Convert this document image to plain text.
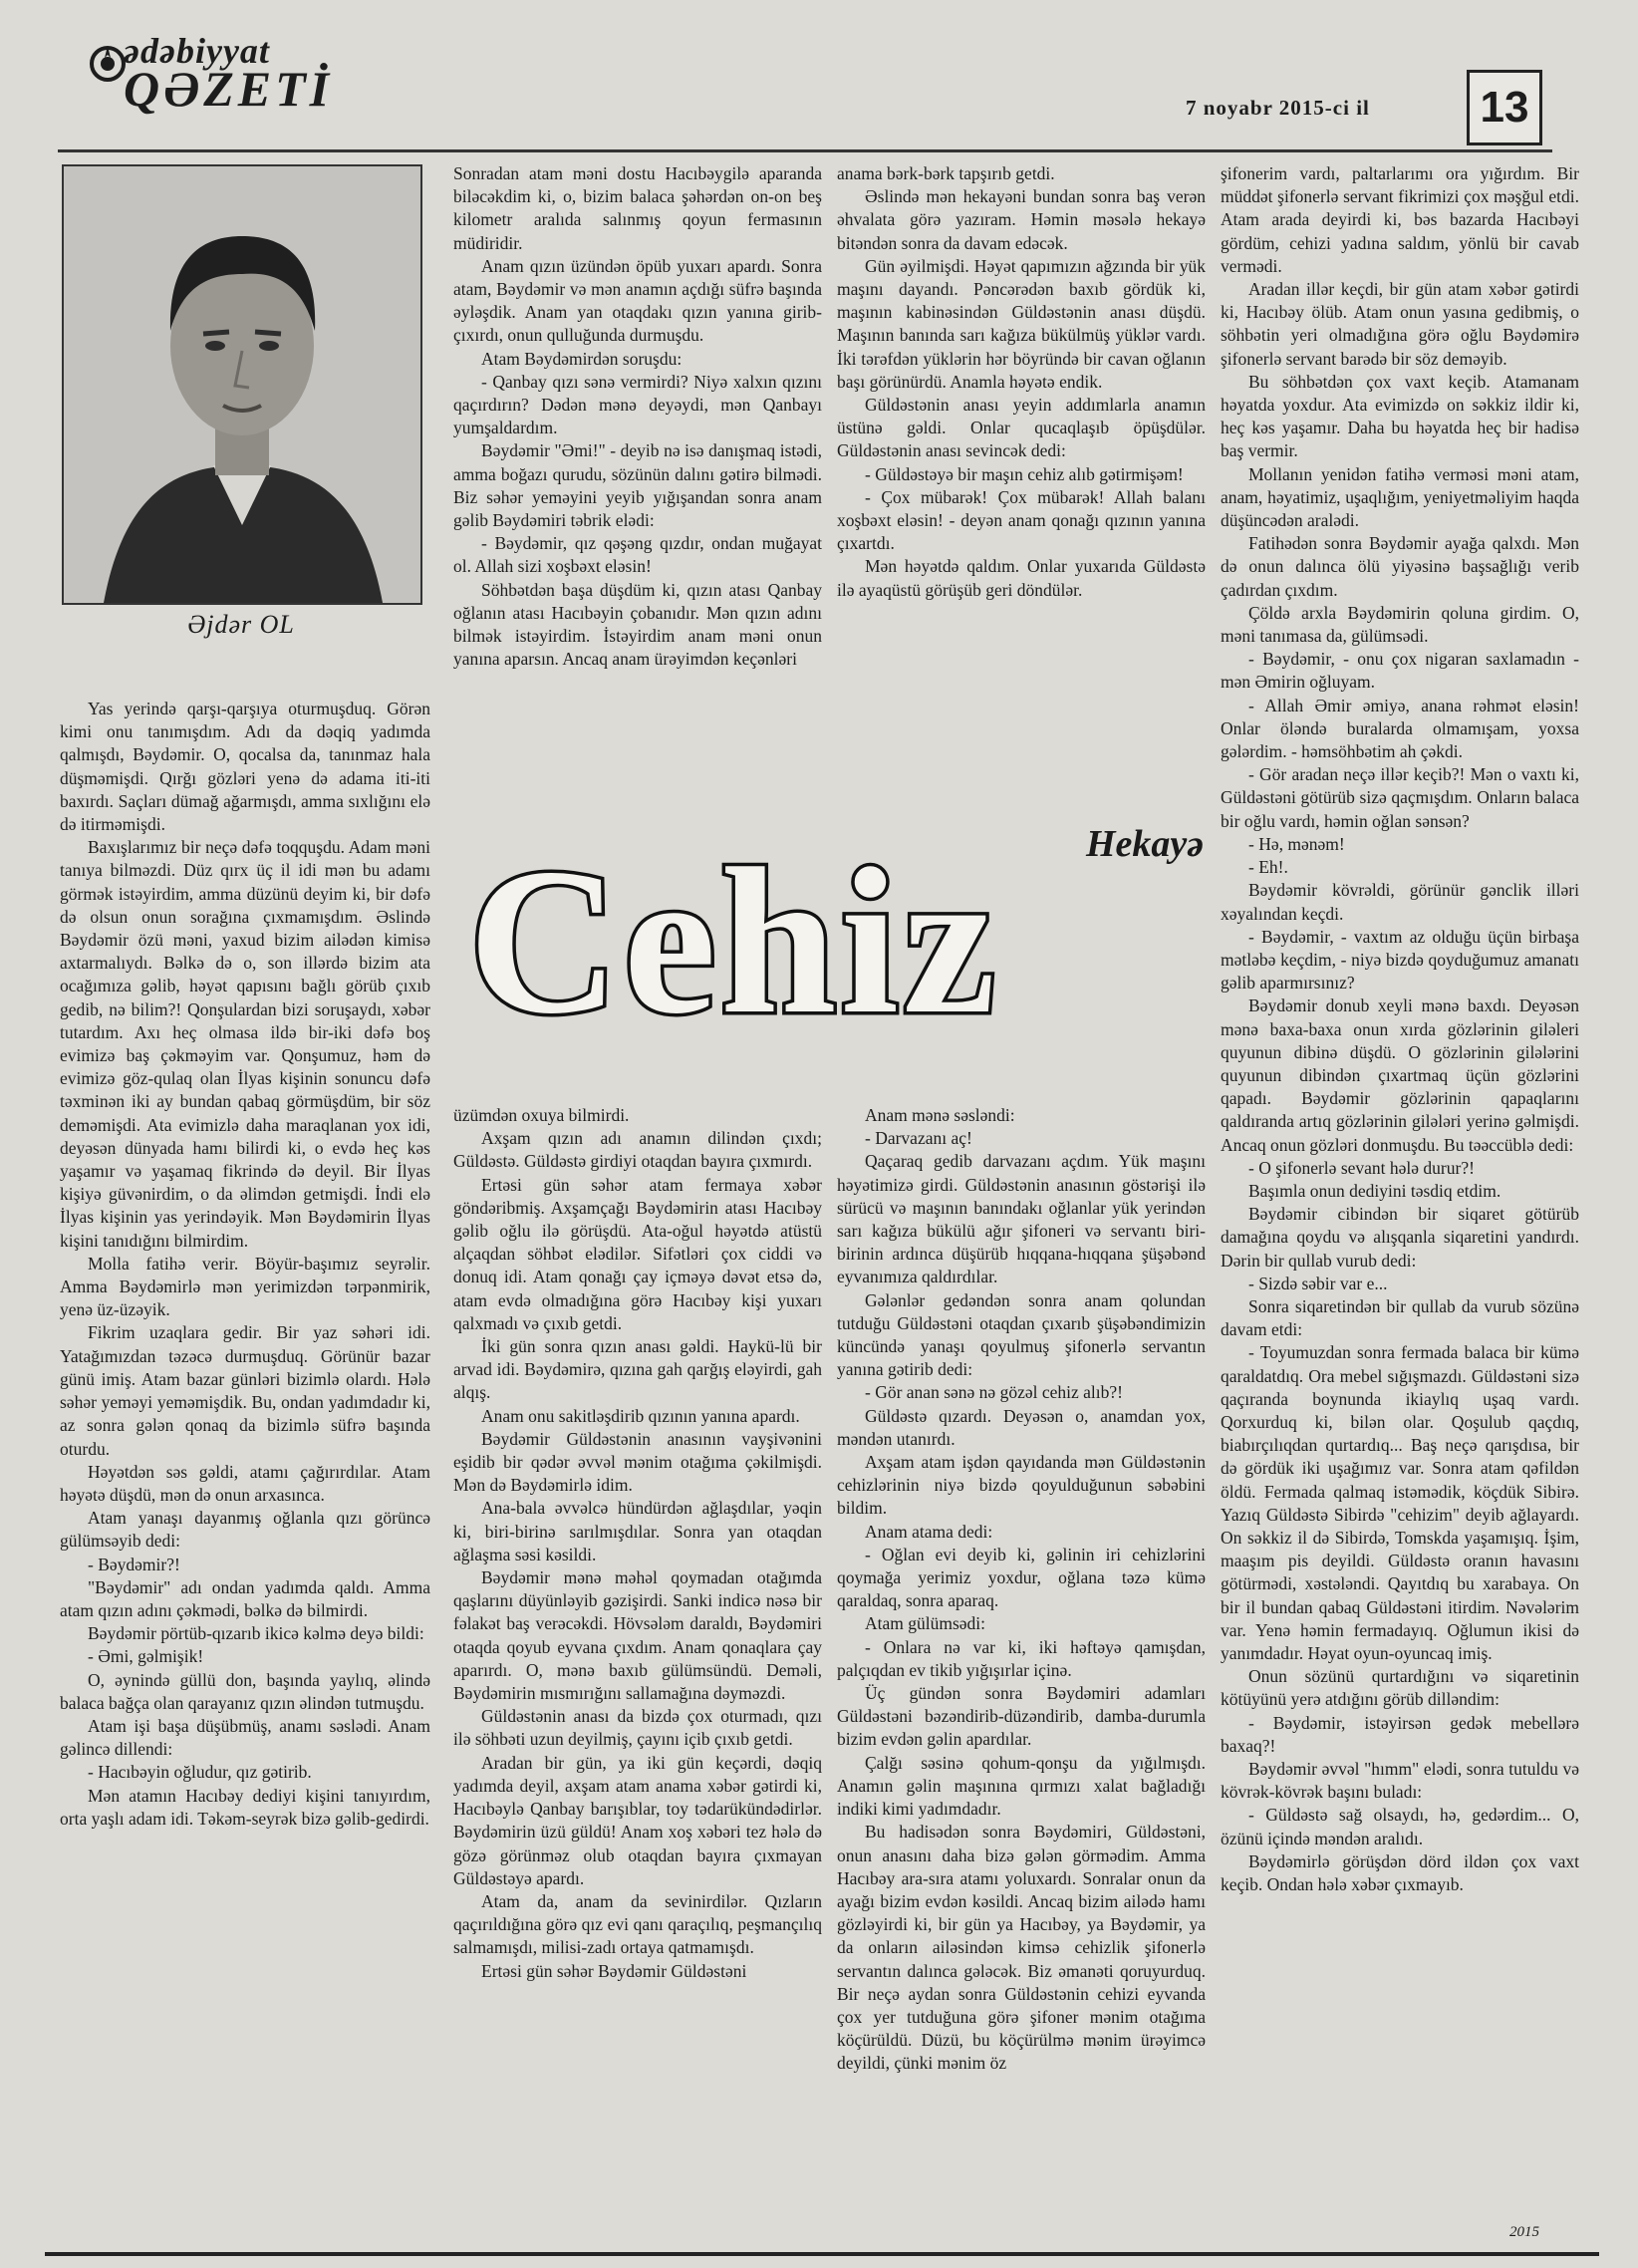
ədəbiyyat
QƏZETİ	7 noyabr 2015-ci il	13
Əjdər OL

Yas yerində qarşı-qarşıya oturmuşduq. Görən kimi onu tanımışdım. Adı da dəqiq yadımda qalmışdı, Bəydəmir. O, qocalsa da, tanınmaz hala düşməmişdi. Qırğı gözləri yenə də adama iti-iti baxırdı. Saçları dümağ ağarmışdı, amma sıxlığını elə də itirməmişdi.

Baxışlarımız bir neçə dəfə toqquşdu. Adam məni tanıya bilməzdi. Düz qırx üç il idi mən bu adamı görmək istəyirdim, amma düzünü deyim ki, bir dəfə də olsun onun sorağına çıxmamışdım. Əslində Bəydəmir özü məni, yaxud bizim ailədən kimisə axtarmalıydı. Bəlkə də o, son illərdə bizim ata ocağımıza gəlib, həyət qapısını bağlı görüb çıxıb gedib, nə bilim?! Qonşulardan bizi soruşaydı, xəbər tutardım. Axı heç olmasa ildə bir-iki dəfə boş evimizə baş çəkməyim var. Qonşumuz, həm də evimizə göz-qulaq olan İlyas kişinin sonuncu dəfə təxminən iki ay bundan qabaq görmüşdüm, bir söz deməmişdi. Ata evimizlə daha maraqlanan yox idi, deyəsən dünyada hamı bilirdi ki, o evdə heç kəs yaşamır və yaşamaq fikrində də deyil. Bir İlyas kişiyə güvənirdim, o da əlimdən getmişdi. İndi elə İlyas kişinin yas yerindəyik. Mən Bəydəmirin İlyas kişini tanıdığını bilmirdim.

Molla fatihə verir. Böyür-başımız seyrəlir. Amma Bəydəmirlə mən yerimizdən tərpənmirik, yenə üz-üzəyik.

Fikrim uzaqlara gedir. Bir yaz səhəri idi. Yatağımızdan təzəcə durmuşduq. Görünür bazar günü imiş. Atam bazar günləri bizimlə olardı. Hələ səhər yeməyi yeməmişdik. Bu, ondan yadımdadır ki, az sonra gələn qonaq da bizimlə süfrə başında oturdu.

Həyətdən səs gəldi, atamı çağırırdılar. Atam həyətə düşdü, mən də onun arxasınca.

Atam yanaşı dayanmış oğlanla qızı görüncə gülümsəyib dedi:

- Bəydəmir?!

"Bəydəmir" adı ondan yadımda qaldı. Amma atam qızın adını çəkmədi, bəlkə də bilmirdi.

Bəydəmir pörtüb-qızarıb ikicə kəlmə deyə bildi:

- Əmi, gəlmişik!

O, əynində güllü don, başında yaylıq, əlində balaca bağça olan qarayanız qızın əlindən tutmuşdu.

Atam işi başa düşübmüş, anamı səslədi. Anam gəlincə dillendi:

- Hacıbəyin oğludur, qız gətirib.

Mən atamın Hacıbəy dediyi kişini tanıyırdım, orta yaşlı adam idi. Təkəm-seyrək bizə gəlib-gedirdi.

Sonradan atam məni dostu Hacıbəygilə aparanda biləcəkdim ki, o, bizim balaca şəhərdən on-on beş kilometr aralıda salınmış qoyun fermasının müdiridir.

Anam qızın üzündən öpüb yuxarı apardı. Sonra atam, Bəydəmir və mən anamın açdığı süfrə başında əyləşdik. Anam yan otaqdakı qızın yanına girib-çıxırdı, onun qulluğunda durmuşdu.

Atam Bəydəmirdən soruşdu:

- Qanbay qızı sənə vermirdi? Niyə xalxın qızını qaçırdırın? Dədən mənə deyəydi, mən Qanbayı yumşaldardım.

Bəydəmir "Əmi!" - deyib nə isə danışmaq istədi, amma boğazı qurudu, sözünün dalını gətirə bilmədi. Biz səhər yeməyini yeyib yığışandan sonra anam gəlib Bəydəmiri təbrik elədi:

- Bəydəmir, qız qəşəng qızdır, ondan muğayat ol. Allah sizi xoşbəxt eləsin!

Söhbətdən başa düşdüm ki, qızın atası Qanbay oğlanın atası Hacıbəyin çobanıdır. Mən qızın adını bilmək istəyirdim. İstəyirdim anam məni onun yanına aparsın. Ancaq anam ürəyimdən keçənləri

anama bərk-bərk tapşırıb getdi.

Əslində mən hekayəni bundan sonra baş verən əhvalata görə yazıram. Həmin məsələ hekayə bitəndən sonra da davam edəcək.

Gün əyilmişdi. Həyət qapımızın ağzında bir yük maşını dayandı. Pəncərədən baxıb gördük ki, maşının kabinəsindən Güldəstənin anası düşdü. Maşının banında sarı kağıza bükülmüş yüklər vardı. İki tərəfdən yüklərin hər böyründə bir cavan oğlanın başı görünürdü. Anamla həyətə endik.

Güldəstənin anası yeyin addımlarla anamın üstünə gəldi. Onlar qucaqlaşıb öpüşdülər. Güldəstənin anası sevincək dedi:

- Güldəstəyə bir maşın cehiz alıb gətirmişəm!

- Çox mübarək! Çox mübarək! Allah balanı xoşbəxt eləsin! - deyən anam qonağı qızının yanına çıxartdı.

Mən həyətdə qaldım. Onlar yuxarıda Güldəstə ilə ayaqüstü görüşüb geri döndülər.

Cehiz Hekayə

şifonerim vardı, paltarlarımı ora yığırdım. Bir müddət şifonerlə servant fikrimizi çox məşğul etdi. Atam arada deyirdi ki, bəs bazarda Hacıbəyi gördüm, cehizi yadına saldım, yönlü bir cavab vermədi.

Aradan illər keçdi, bir gün atam xəbər gətirdi ki, Hacıbəy ölüb. Atam onun yasına gedibmiş, o söhbətin yeri olmadığına görə oğlu Bəydəmirə şifonerlə servant barədə bir söz deməyib.

Bu söhbətdən çox vaxt keçib. Atamanam həyatda yoxdur. Ata evimizdə on səkkiz ildir ki, heç kəs yaşamır. Daha bu həyatda heç bir hadisə baş vermir.

Mollanın yenidən fatihə verməsi məni atam, anam, həyatimiz, uşaqlığım, yeniyetməliyim haqda düşüncədən aralədi.

Fatihədən sonra Bəydəmir ayağa qalxdı. Mən də onun dalınca ölü yiyəsinə başsağlığı verib çadırdan çıxdım.

Çöldə arxla Bəydəmirin qoluna girdim. O, məni tanımasa da, gülümsədi.

- Bəydəmir, - onu çox nigaran saxlamadın - mən Əmirin oğluyam.

- Allah Əmir əmiyə, anana rəhmət eləsin! Onlar öləndə buralarda olmamışam, yoxsa gələrdim. - həmsöhbətim ah çəkdi.

- Gör aradan neçə illər keçib?! Mən o vaxtı ki, Güldəstəni götürüb sizə qaçmışdım. Onların balaca bir oğlu vardı, həmin oğlan sənsən?

- Hə, mənəm!

- Eh!.

Bəydəmir kövrəldi, görünür gənclik illəri xəyalından keçdi.

- Bəydəmir, - vaxtım az olduğu üçün birbaşa mətləbə keçdim, - niyə bizdə qoyduğumuz amanatı gəlib aparmırsınız?

Bəydəmir donub xeyli mənə baxdı. Deyəsən mənə baxa-baxa onun xırda gözlərinin giləleri quyunun dibinə düşdü. O gözlərinin gilələrini quyunun dibindən çıxartmaq üçün gözlərini qapadı. Bəydəmir gözlərinin qapaqlarını qaldıranda artıq gözlərinin gilələri yerinə gəlmişdi. Ancaq onun gözləri donmuşdu. Bu təəccüblə dedi:

- O şifonerlə sevant hələ durur?!

Başımla onun dediyini təsdiq etdim.

Bəydəmir cibindən bir siqaret götürüb damağına qoydu və alışqanla siqaretini yandırdı. Dərin bir qullab vurub dedi:

- Sizdə səbir var e...

Sonra siqaretindən bir qullab da vurub sözünə davam etdi:

- Toyumuzdan sonra fermada balaca bir kümə qaraldatdıq. Ora mebel sığışmazdı. Güldəstəni sizə qaçıranda boynunda ikiaylıq uşaq vardı. Qorxurduq ki, bilən olar. Qoşulub qaçdıq, biabırçılıqdan qurtardıq... Baş neçə qarışdısa, bir də gördük iki uşağımız var. Sonra atam qəfildən öldü. Fermada qalmaq istəmədik, köçdük Sibirə. Yazıq Güldəstə Sibirdə "cehizim" deyib ağlayardı. On səkkiz il də Sibirdə, Tomskda yaşamışıq. İşim, maaşım pis deyildi. Güldəstə oranın havasını götürmədi, xəstələndi. Qayıtdıq bu xarabaya. On bir il bundan qabaq Güldəstəni itirdim. Nəvələrim var. Yenə həmin fermadayıq. Oğlumun ikisi də yanımdadır. Həyat oyun-oyuncaq imiş.

Onun sözünü qurtardığını və siqaretinin kötüyünü yerə atdığını görüb dilləndim:

- Bəydəmir, istəyirsən gedək mebellərə baxaq?!

Bəydəmir əvvəl "hımm" elədi, sonra tutuldu və kövrək-kövrək başını buladı:

- Güldəstə sağ olsaydı, hə, gedərdim... O, özünü içində məndən aralıdı.

Bəydəmirlə görüşdən dörd ildən çox vaxt keçib. Ondan hələ xəbər çıxmayıb.

üzümdən oxuya bilmirdi.

Axşam qızın adı anamın dilindən çıxdı; Güldəstə. Güldəstə girdiyi otaqdan bayıra çıxmırdı.

Ertəsi gün səhər atam fermaya xəbər göndəribmiş. Axşamçağı Bəydəmirin atası Hacıbəy gəlib oğlu ilə görüşdü. Ata-oğul həyətdə atüstü alçaqdan söhbət elədilər. Sifətləri çox ciddi və donuq idi. Atam qonağı çay içməyə dəvət etsə də, atam evdə olmadığına görə Hacıbəy kişi yuxarı qalxmadı və çıxıb getdi.

İki gün sonra qızın anası gəldi. Haykü-lü bir arvad idi. Bəydəmirə, qızına gah qarğış eləyirdi, gah alqış.

Anam onu sakitləşdirib qızının yanına apardı.

Bəydəmir Güldəstənin anasının vayşivənini eşidib bir qədər əvvəl mənim otağıma çəkilmişdi. Mən də Bəydəmirlə idim.

Ana-bala əvvəlcə hündürdən ağlaşdılar, yəqin ki, biri-birinə sarılmışdılar. Sonra yan otaqdan ağlaşma səsi kəsildi.

Bəydəmir mənə məhəl qoymadan otağımda qaşlarını düyünləyib gəzişirdi. Sanki indicə nəsə bir fəlakət baş verəcəkdi. Hövsələm daraldı, Bəydəmiri otaqda qoyub eyvana çıxdım. Anam qonaqlara çay aparırdı. O, mənə baxıb gülümsündü. Deməli, Bəydəmirin mısmırığını sallamağına dəyməzdi.

Güldəstənin anası da bizdə çox oturmadı, qızı ilə söhbəti uzun deyilmiş, çayını içib çıxıb getdi.

Aradan bir gün, ya iki gün keçərdi, dəqiq yadımda deyil, axşam atam anama xəbər gətirdi ki, Hacıbəylə Qanbay barışıblar, toy tədarükündədirlər. Bəydəmirin üzü güldü! Anam xoş xəbəri tez hələ də gözə görünməz olub otaqdan bayıra çıxmayan Güldəstəyə apardı.

Atam da, anam da sevinirdilər. Qızların qaçırıldığına görə qız evi qanı qaraçılıq, peşmançılıq salmamışdı, milisi-zadı ortaya qatmamışdı.

Ertəsi gün səhər Bəydəmir Güldəstəni

Anam mənə səsləndi:

- Darvazanı aç!

Qaçaraq gedib darvazanı açdım. Yük maşını həyətimizə girdi. Güldəstənin anasının göstərişi ilə sürücü və maşının banındakı oğlanlar yük yerindən sarı kağıza bükülü ağır şifoneri və servantı biri-birinin ardınca düşürüb hıqqana-hıqqana şüşəbənd eyvanımıza qaldırdılar.

Gələnlər gedəndən sonra anam qolundan tutduğu Güldəstəni otaqdan çıxarıb şüşəbəndimizin küncündə yanaşı qoyulmuş şifonerlə servantın yanına gətirib dedi:

- Gör anan sənə nə gözəl cehiz alıb?!

Güldəstə qızardı. Deyəsən o, anamdan yox, məndən utanırdı.

Axşam atam işdən qayıdanda mən Güldəstənin cehizlərinin niyə bizdə qoyulduğunun səbəbini bildim.

Anam atama dedi:

- Oğlan evi deyib ki, gəlinin iri cehizlərini qoymağa yerimiz yoxdur, oğlana təzə kümə qaraldaq, sonra aparaq.

Atam gülümsədi:

- Onlara nə var ki, iki həftəyə qamışdan, palçıqdan ev tikib yığışırlar içinə.

Üç gündən sonra Bəydəmiri adamları Güldəstəni bəzəndirib-düzəndirib, damba-durumla bizim evdən gəlin apardılar.

Çalğı səsinə qohum-qonşu da yığılmışdı. Anamın gəlin maşınına qırmızı xalat bağladığı indiki kimi yadımdadır.

Bu hadisədən sonra Bəydəmiri, Güldəstəni, onun anasını daha bizə gələn görmədim. Amma Hacıbəy ara-sıra atamı yoluxardı. Sonralar onun da ayağı bizim evdən kəsildi. Ancaq bizim ailədə hamı gözləyirdi ki, bir gün ya Hacıbəy, ya Bəydəmir, ya da onların ailəsindən kimsə cehizlik şifonerlə servantın dalınca gələcək. Biz əmanəti qoruyurduq. Bir neçə aydan sonra Güldəstənin cehizi eyvanda çox yer tutduğuna görə şifoner mənim otağıma köçürüldü. Düzü, bu köçürülmə mənim ürəyimcə deyildi, çünki mənim öz

2015
